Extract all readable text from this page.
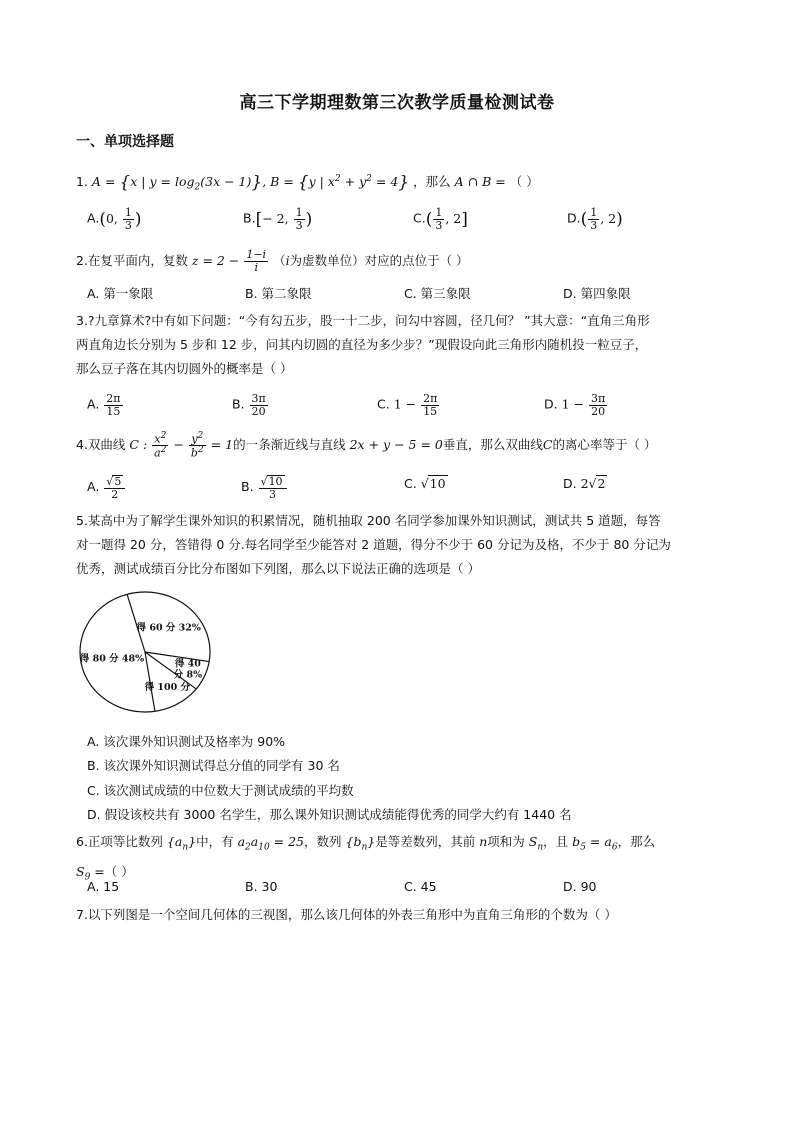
高三下学期理数第三次教学质量检测试卷
一、单项选择题
1. A = {x | $y = \log_2(3x - 1)$}, B = {y | $x^2 + y^2 = 4$} ，那么 A ∩ B = （ ）
A.(0, $\frac{1}{3}$ )	B.[− 2, $\frac{1}{3}$ )	$C.( \frac{1}{3}$ , 2]	$D.( \frac{1}{3}$ , 2)
2.在复平面内，复数 $z = 2 - \frac{1-i}{i} (i$为虚数单位）对应的点位于（ ）
A. 第一象限	B. 第二象限	C. 第三象限	D. 第四象限
3.?九章算术?中有如下问题：“今有勾五步，股一十二步，问勾中容圆，径几何？ ”其大意：“直角三角形
两直角边长分别为 5 步和 12 步，问其内切圆的直径为多少步？”现假设向此三角形内随机投一粒豆子，
那么豆子落在其内切圆外的概率是（ ）
A. $\frac{2\pi}{15}$	B. $\frac{3\pi}{20}$	C. $1 - \frac{2\pi}{15}$	D. $1 - \frac{3\pi}{20}$
4.双曲线 C : $\frac{x^2}{a^2} - \frac{y^2}{b^2} = 1$的一条渐近线与直线 2x + y − 5 = 0垂直，那么双曲线C的离心率等于（ ）
A. $\frac{√5}{2}$	B. $\frac{√10}{3}$	C. √10	D. 2√2
5.某高中为了解学生课外知识的积累情况，随机抽取 200 名同学参加课外知识测试，测试共 5 道题，每答
对一题得 20 分，答错得 0 分.每名同学至少能答对 2 道题，得分不少于 60 分记为及格，不少于 80 分记为
优秀，测试成绩百分比分布图如下列图，那么以下说法正确的选项是（ ）
得 60 分 32%
得 40 分 8%
得 100 分
得 80 分 48%
A. 该次课外知识测试及格率为 90%
B. 该次课外知识测试得总分值的同学有 30 名
C. 该次测试成绩的中位数大于测试成绩的平均数
D. 假设该校共有 3000 名学生，那么课外知识测试成绩能得优秀的同学大约有 1440 名
6.正项等比数列 $\{a_n\}$中，有 $a_2a_{10} = 25$，数列 $\{b_n\}$是等差数列，其前 n项和为 $S_n$，且 $b_5 = a_6$，那么
$S_9$ =（ ）
A. 15	B. 30	C. 45	D. 90
7.以下列图是一个空间几何体的三视图，那么该几何体的外表三角形中为直角三角形的个数为（ ）
